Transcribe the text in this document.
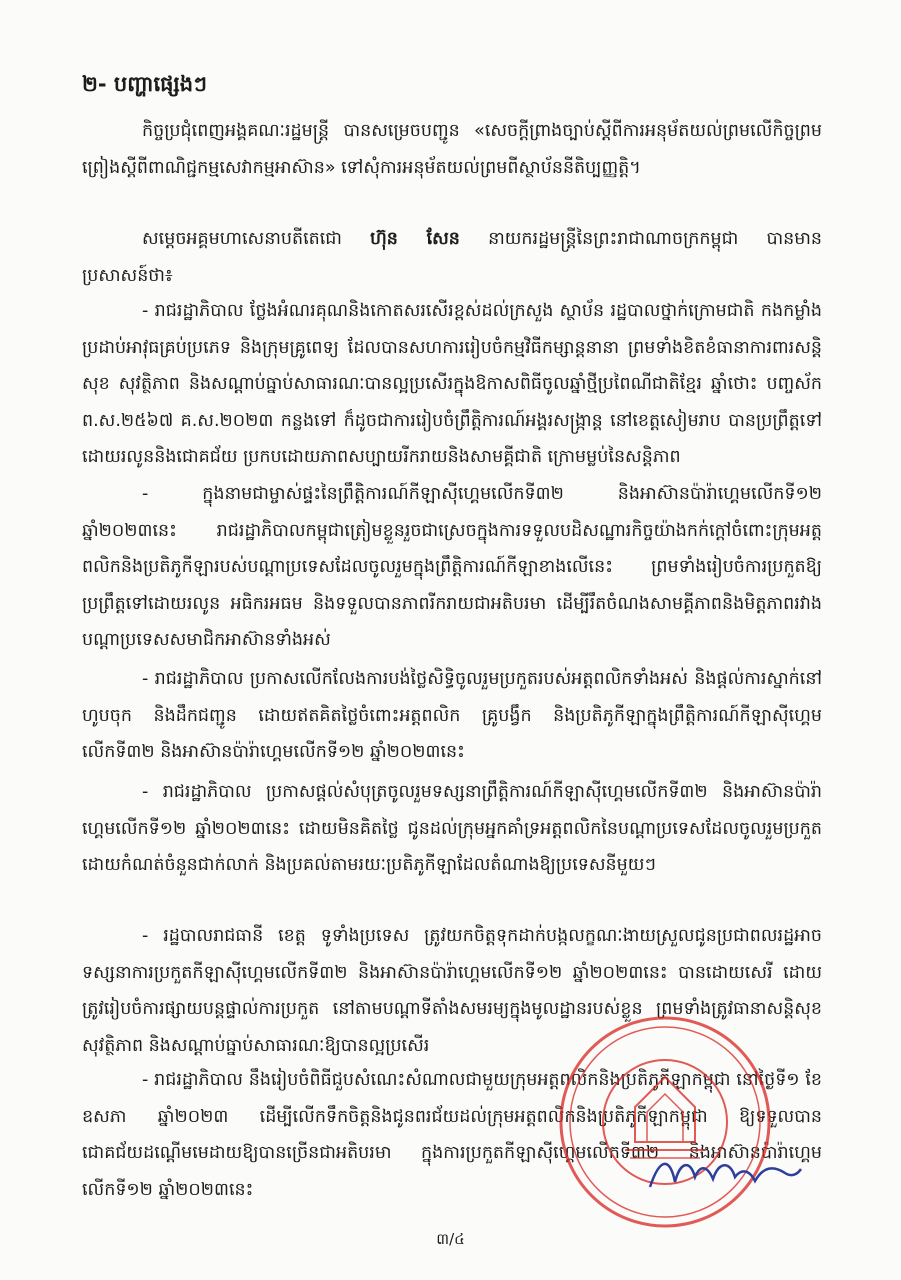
២- បញ្ហាផ្សេងៗ

កិច្ចប្រជុំពេញអង្គគណៈរដ្ឋមន្ត្រី បានសម្រេចបញ្ជូន «សេចក្តីព្រាងច្បាប់ស្តីពីការអនុម័តយល់ព្រមលើកិច្ចព្រមព្រៀងស្តីពីពាណិជ្ជកម្មសេវាកម្មអាស៊ាន» ទៅសុំការអនុម័តយល់ព្រមពីស្ថាប័ននីតិប្បញ្ញត្តិ។

សម្តេចអគ្គមហាសេនាបតីតេជោ ហ៊ុន សែន នាយករដ្ឋមន្ត្រីនៃព្រះរាជាណាចក្រកម្ពុជា បានមានប្រសាសន៍ថា៖

- រាជរដ្ឋាភិបាល ថ្លែងអំណរគុណនិងកោតសរសើរខ្ពស់ដល់ក្រសួង ស្ថាប័ន រដ្ឋបាលថ្នាក់ក្រោមជាតិ កងកម្លាំងប្រដាប់អាវុធគ្រប់ប្រភេទ និងក្រុមគ្រូពេទ្យ ដែលបានសហការរៀបចំកម្មវិធីកម្សាន្តនានា ព្រមទាំងខិតខំធានាការពារសន្តិសុខ សុវត្ថិភាព និងសណ្តាប់ធ្នាប់សាធារណៈបានល្អប្រសើរក្នុងឱកាសពិធីចូលឆ្នាំថ្មីប្រពៃណីជាតិខ្មែរ ឆ្នាំថោះ បញ្ចស័ក ព.ស.២៥៦៧ គ.ស.២០២៣ កន្លងទៅ ក៏ដូចជាការរៀបចំព្រឹត្តិការណ៍អង្គរសង្រ្កាន្ត នៅខេត្តសៀមរាប បានប្រព្រឹត្តទៅដោយរលូននិងជោគជ័យ ប្រកបដោយភាពសប្បាយរីករាយនិងសាមគ្គីជាតិ ក្រោមម្លប់នៃសន្តិភាព

- ក្នុងនាមជាម្ចាស់ផ្ទះនៃព្រឹត្តិការណ៍កីឡាស៊ីហ្គេមលើកទី៣២ និងអាស៊ានប៉ារ៉ាហ្គេមលើកទី១២ ឆ្នាំ២០២៣នេះ រាជរដ្ឋាភិបាលកម្ពុជាត្រៀមខ្លួនរួចជាស្រេចក្នុងការទទួលបដិសណ្ឋារកិច្ចយ៉ាងកក់ក្តៅចំពោះក្រុមអត្តពលិកនិងប្រតិភូកីឡារបស់បណ្តាប្រទេសដែលចូលរួមក្នុងព្រឹត្តិការណ៍កីឡាខាងលើនេះ ព្រមទាំងរៀបចំការប្រកួតឱ្យប្រព្រឹត្តទៅដោយរលូន អធិករអធម និងទទួលបានភាពរីករាយជាអតិបរមា ដើម្បីរឹតចំណងសាមគ្គីភាពនិងមិត្តភាពរវាងបណ្តាប្រទេសសមាជិកអាស៊ានទាំងអស់

- រាជរដ្ឋាភិបាល ប្រកាសលើកលែងការបង់ថ្លៃសិទ្ធិចូលរួមប្រកួតរបស់អត្តពលិកទាំងអស់ និងផ្តល់ការស្នាក់នៅ ហូបចុក និងដឹកជញ្ជូន ដោយឥតគិតថ្លៃចំពោះអត្តពលិក គ្រូបង្វឹក និងប្រតិភូកីឡាក្នុងព្រឹត្តិការណ៍កីឡាស៊ីហ្គេមលើកទី៣២ និងអាស៊ានប៉ារ៉ាហ្គេមលើកទី១២ ឆ្នាំ២០២៣នេះ

- រាជរដ្ឋាភិបាល ប្រកាសផ្តល់សំបុត្រចូលរួមទស្សនាព្រឹត្តិការណ៍កីឡាស៊ីហ្គេមលើកទី៣២ និងអាស៊ានប៉ារ៉ាហ្គេមលើកទី១២ ឆ្នាំ២០២៣នេះ ដោយមិនគិតថ្លៃ ជូនដល់ក្រុមអ្នកគាំទ្រអត្តពលិកនៃបណ្តាប្រទេសដែលចូលរួមប្រកួត ដោយកំណត់ចំនួនជាក់លាក់ និងប្រគល់តាមរយៈប្រតិភូកីឡាដែលតំណាងឱ្យប្រទេសនីមួយៗ

- រដ្ឋបាលរាជធានី ខេត្ត ទូទាំងប្រទេស ត្រូវយកចិត្តទុកដាក់បង្កលក្ខណៈងាយស្រួលជូនប្រជាពលរដ្ឋអាចទស្សនាការប្រកួតកីឡាស៊ីហ្គេមលើកទី៣២ និងអាស៊ានប៉ារ៉ាហ្គេមលើកទី១២ ឆ្នាំ២០២៣នេះ បានដោយសេរី ដោយត្រូវរៀបចំការផ្សាយបន្តផ្ទាល់ការប្រកួត នៅតាមបណ្តាទីតាំងសមរម្យក្នុងមូលដ្ឋានរបស់ខ្លួន ព្រមទាំងត្រូវធានាសន្តិសុខ សុវត្ថិភាព និងសណ្តាប់ធ្នាប់សាធារណៈឱ្យបានល្អប្រសើរ

- រាជរដ្ឋាភិបាល នឹងរៀបចំពិធីជួបសំណេះសំណាលជាមួយក្រុមអត្តពលិកនិងប្រតិភូកីឡាកម្ពុជា នៅថ្ងៃទី១ ខែឧសភា ឆ្នាំ២០២៣ ដើម្បីលើកទឹកចិត្តនិងជូនពរជ័យដល់ក្រុមអត្តពលិកនិងប្រតិភូកីឡាកម្ពុជា ឱ្យទទួលបានជោគជ័យដណ្តើមមេដាយឱ្យបានច្រើនជាអតិបរមា ក្នុងការប្រកួតកីឡាស៊ីហ្គេមលើកទី៣២ និងអាស៊ានប៉ារ៉ាហ្គេមលើកទី១២ ឆ្នាំ២០២៣នេះ

៣/៤
